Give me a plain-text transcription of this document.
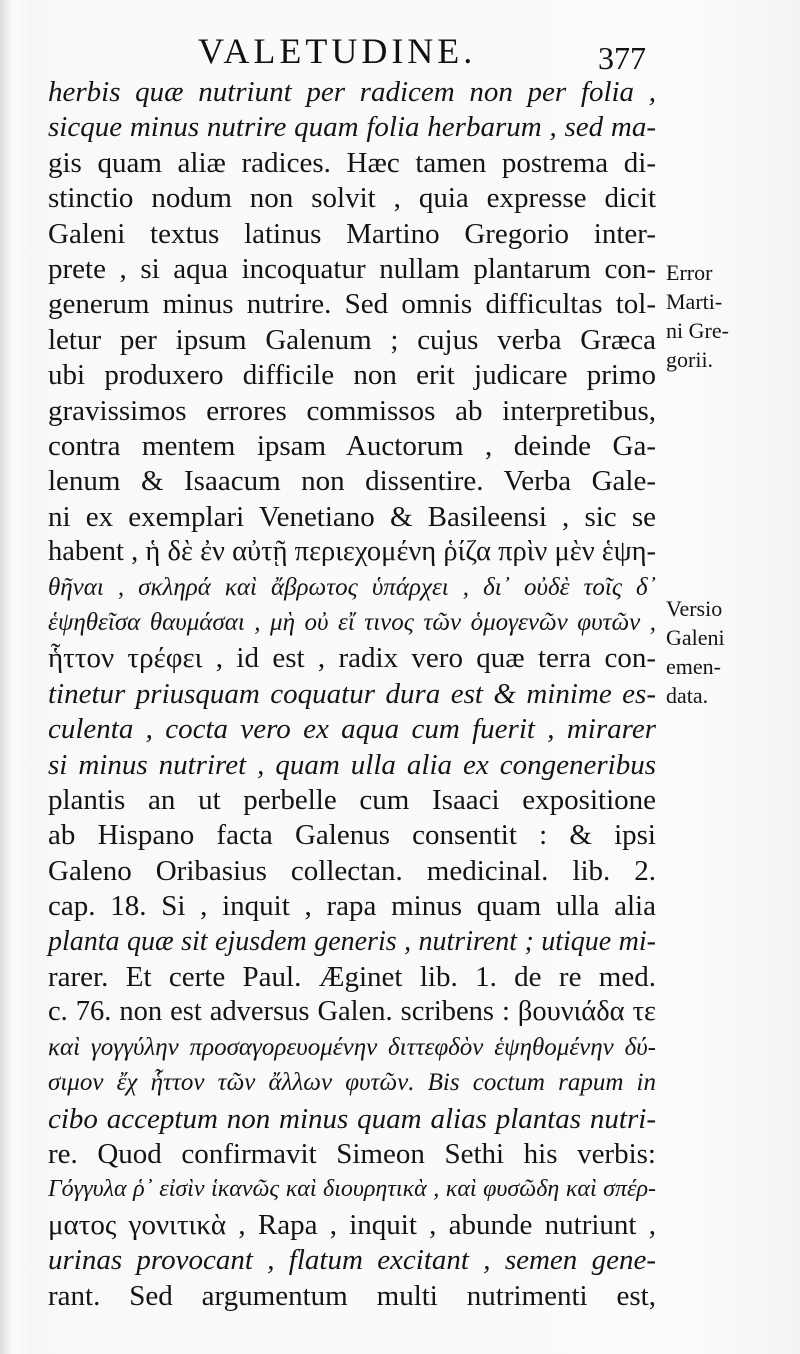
VALETUDINE.	377
herbis quæ nutriunt per radicem non per folia ,
sicque minus nutrire quam folia herbarum , sed ma-
gis quam aliæ radices. Hæc tamen postrema di-
stinctio nodum non solvit , quia expresse dicit
Galeni textus latinus Martino Gregorio inter-
prete , si aqua incoquatur nullam plantarum con-
generum minus nutrire. Sed omnis difficultas tol-
letur per ipsum Galenum ; cujus verba Græca
ubi produxero difficile non erit judicare primo
gravissimos errores commissos ab interpretibus,
contra mentem ipsam Auctorum , deinde Ga-
lenum & Isaacum non dissentire. Verba Gale-
ni ex exemplari Venetiano & Basileensi , sic se
habent , ἡ δὲ ἐν αὐτῇ περιεχομένη ῥίζα πρὶν μὲν ἑψη-
θῆναι , σκληρά καὶ ἄβρωτος ὑπάρχει , δι᾽ οὐδὲ τοῖς δ᾽
ἑψηθεῖσα θαυμάσαι , μὴ οὐ εἴ τινος τῶν ὁμογενῶν φυτῶν ,
ἧττον τρέφει , id est , radix vero quæ terra con-
tinetur priusquam coquatur dura est & minime es-
culenta , cocta vero ex aqua cum fuerit , mirarer
si minus nutriret , quam ulla alia ex congeneribus
plantis an ut perbelle cum Isaaci expositione
ab Hispano facta Galenus consentit : & ipsi
Galeno Oribasius collectan. medicinal. lib. 2.
cap. 18. Si , inquit , rapa minus quam ulla alia
planta quæ sit ejusdem generis , nutrirent ; utique mi-
rarer. Et certe Paul. Æginet lib. 1. de re med.
c. 76. non est adversus Galen. scribens : βουνιάδα τε
καὶ γογγύλην προσαγορευομένην διττεφδὸν ἑψηθομένην δύ-
σιμον ἔχ ἧττον τῶν ἄλλων φυτῶν. Bis coctum rapum in
cibo acceptum non minus quam alias plantas nutri-
re. Quod confirmavit Simeon Sethi his verbis:
Γόγγυλα ῥ᾽ εἰσὶν ἱκανῶς καὶ διουρητικὰ , καὶ φυσῶδη καὶ σπέρ-
ματος γονιτικὰ , Rapa , inquit , abunde nutriunt ,
urinas provocant , flatum excitant , semen gene-
rant. Sed argumentum multi nutrimenti est,
Error
Marti-
ni Gre-
gorii.
Versio
Galeni
emen-
data.
